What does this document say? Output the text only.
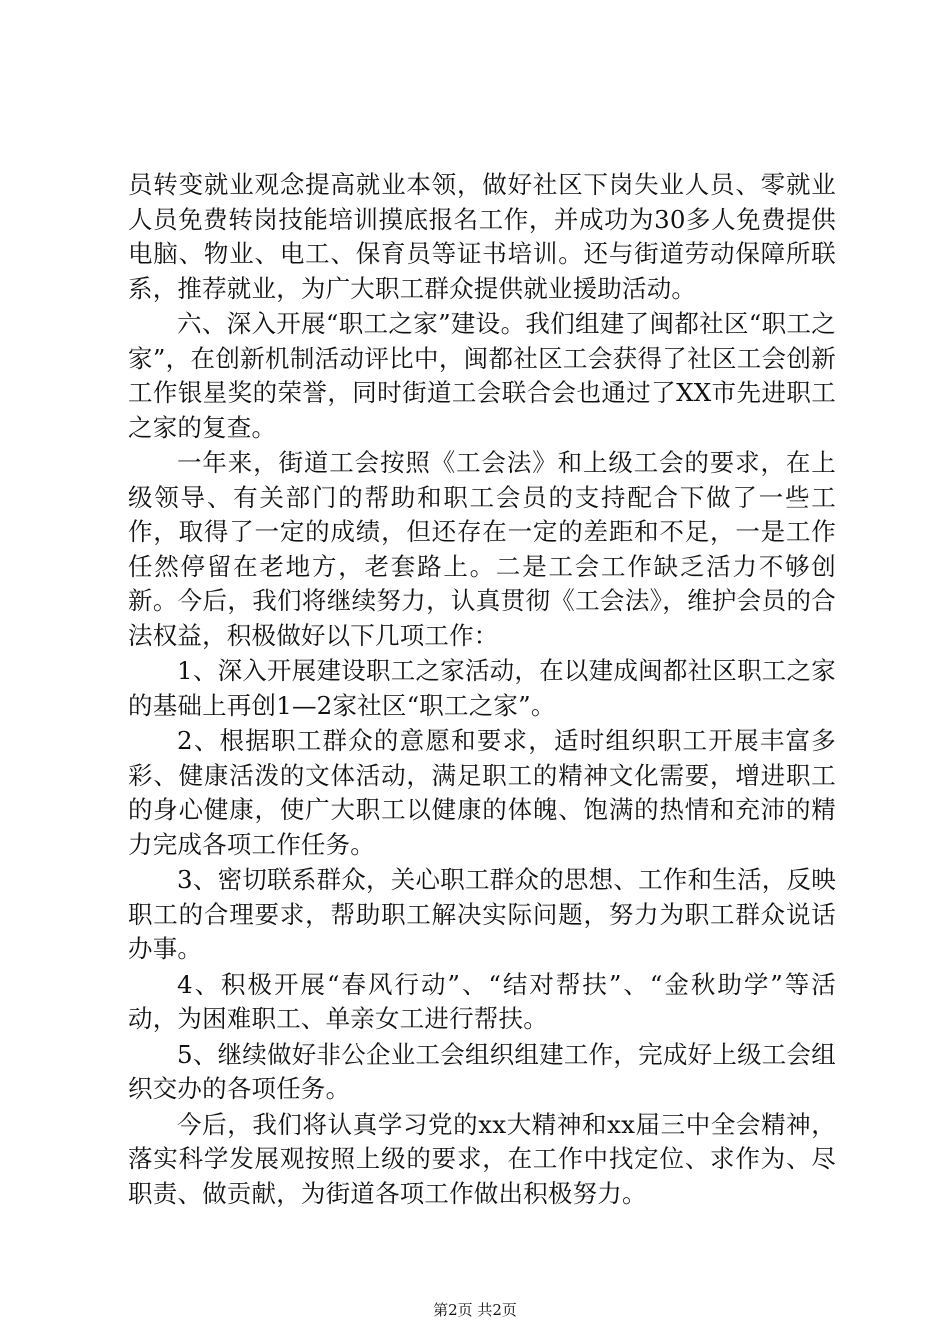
员转变就业观念提高就业本领，做好社区下岗失业人员、零就业人员免费转岗技能培训摸底报名工作，并成功为30多人免费提供电脑、物业、电工、保育员等证书培训。还与街道劳动保障所联系，推荐就业，为广大职工群众提供就业援助活动。

六、深入开展“职工之家”建设。我们组建了闽都社区“职工之家”，在创新机制活动评比中，闽都社区工会获得了社区工会创新工作银星奖的荣誉，同时街道工会联合会也通过了XX市先进职工之家的复查。

一年来，街道工会按照《工会法》和上级工会的要求，在上级领导、有关部门的帮助和职工会员的支持配合下做了一些工作，取得了一定的成绩，但还存在一定的差距和不足，一是工作任然停留在老地方，老套路上。二是工会工作缺乏活力不够创新。今后，我们将继续努力，认真贯彻《工会法》，维护会员的合法权益，积极做好以下几项工作：

1、深入开展建设职工之家活动，在以建成闽都社区职工之家的基础上再创1—2家社区“职工之家”。

2、根据职工群众的意愿和要求，适时组织职工开展丰富多彩、健康活泼的文体活动，满足职工的精神文化需要，增进职工的身心健康，使广大职工以健康的体魄、饱满的热情和充沛的精力完成各项工作任务。

3、密切联系群众，关心职工群众的思想、工作和生活，反映职工的合理要求，帮助职工解决实际问题，努力为职工群众说话办事。

4、积极开展“春风行动”、“结对帮扶”、“金秋助学”等活动，为困难职工、单亲女工进行帮扶。

5、继续做好非公企业工会组织组建工作，完成好上级工会组织交办的各项任务。

今后，我们将认真学习党的xx大精神和xx届三中全会精神，落实科学发展观按照上级的要求，在工作中找定位、求作为、尽职责、做贡献，为街道各项工作做出积极努力。

第2页 共2页
